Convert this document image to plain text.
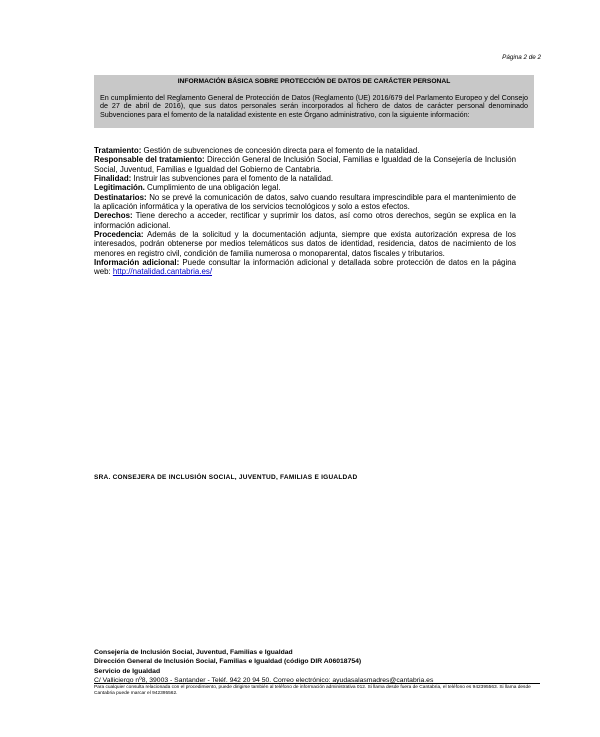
Página 2 de 2
INFORMACIÓN BÁSICA SOBRE PROTECCIÓN DE DATOS DE CARÁCTER PERSONAL
En cumplimiento del Reglamento General de Protección de Datos (Reglamento (UE) 2016/679 del Parlamento Europeo y del Consejo de 27 de abril de 2016), que sus datos personales serán incorporados al fichero de datos de carácter personal denominado Subvenciones para el fomento de la natalidad existente en este Órgano administrativo, con la siguiente información:

Tratamiento: Gestión de subvenciones de concesión directa para el fomento de la natalidad.

Responsable del tratamiento: Dirección General de Inclusión Social, Familias e Igualdad de la Consejería de Inclusión Social, Juventud, Familias e Igualdad del Gobierno de Cantabria.

Finalidad: Instruir las subvenciones para el fomento de la natalidad.

Legitimación. Cumplimiento de una obligación legal.

Destinatarios: No se prevé la comunicación de datos, salvo cuando resultara imprescindible para el mantenimiento de la aplicación informática y la operativa de los servicios tecnológicos y solo a estos efectos.

Derechos: Tiene derecho a acceder, rectificar y suprimir los datos, así como otros derechos, según se explica en la información adicional.

Procedencia: Además de la solicitud y la documentación adjunta, siempre que exista autorización expresa de los interesados, podrán obtenerse por medios telemáticos sus datos de identidad, residencia, datos de nacimiento de los menores en registro civil, condición de familia numerosa o monoparental, datos fiscales y tributarios.

Información adicional: Puede consultar la información adicional y detallada sobre protección de datos en la página web: http://natalidad.cantabria.es/

SRA. CONSEJERA DE INCLUSIÓN SOCIAL, JUVENTUD, FAMILIAS E IGUALDAD
Consejería de Inclusión Social, Juventud, Familias e Igualdad
Dirección General de Inclusión Social, Familias e Igualdad (código DIR A06018754)
Servicio de Igualdad
C/ Vallicierqo nº8, 39003 - Santander - Teléf. 942 20 94 50. Correo electrónico: ayudasalasmadres@cantabria.es
Para cualquier consulta relacionada con el procedimiento, puede dirigirse también al teléfono de información administrativa 012. Si llama desde fuera de Cantabria, el teléfono es 942395563. Si llama desde Cantabria puede marcar el 942395562.
